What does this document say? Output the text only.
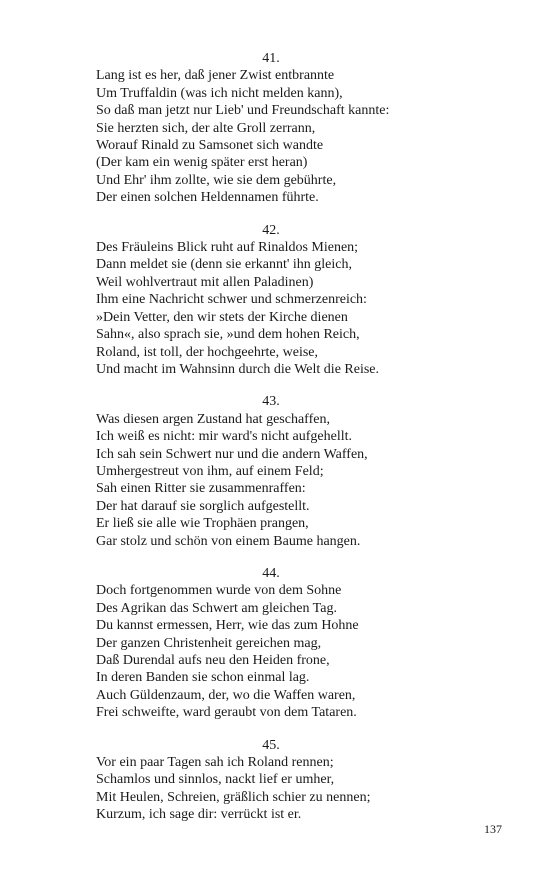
41.

Lang ist es her, daß jener Zwist entbrannte

Um Truffaldin (was ich nicht melden kann),

So daß man jetzt nur Lieb' und Freundschaft kannte:

Sie herzten sich, der alte Groll zerrann,

Worauf Rinald zu Samsonet sich wandte

(Der kam ein wenig später erst heran)

Und Ehr' ihm zollte, wie sie dem gebührte,

Der einen solchen Heldennamen führte.

42.

Des Fräuleins Blick ruht auf Rinaldos Mienen;

Dann meldet sie (denn sie erkannt' ihn gleich,

Weil wohlvertraut mit allen Paladinen)

Ihm eine Nachricht schwer und schmerzenreich:

»Dein Vetter, den wir stets der Kirche dienen

Sahn«, also sprach sie, »und dem hohen Reich,

Roland, ist toll, der hochgeehrte, weise,

Und macht im Wahnsinn durch die Welt die Reise.

43.

Was diesen argen Zustand hat geschaffen,

Ich weiß es nicht: mir ward's nicht aufgehellt.

Ich sah sein Schwert nur und die andern Waffen,

Umhergestreut von ihm, auf einem Feld;

Sah einen Ritter sie zusammenraffen:

Der hat darauf sie sorglich aufgestellt.

Er ließ sie alle wie Trophäen prangen,

Gar stolz und schön von einem Baume hangen.

44.

Doch fortgenommen wurde von dem Sohne

Des Agrikan das Schwert am gleichen Tag.

Du kannst ermessen, Herr, wie das zum Hohne

Der ganzen Christenheit gereichen mag,

Daß Durendal aufs neu den Heiden frone,

In deren Banden sie schon einmal lag.

Auch Güldenzaum, der, wo die Waffen waren,

Frei schweifte, ward geraubt von dem Tataren.

45.

Vor ein paar Tagen sah ich Roland rennen;

Schamlos und sinnlos, nackt lief er umher,

Mit Heulen, Schreien, gräßlich schier zu nennen;

Kurzum, ich sage dir: verrückt ist er.

137
